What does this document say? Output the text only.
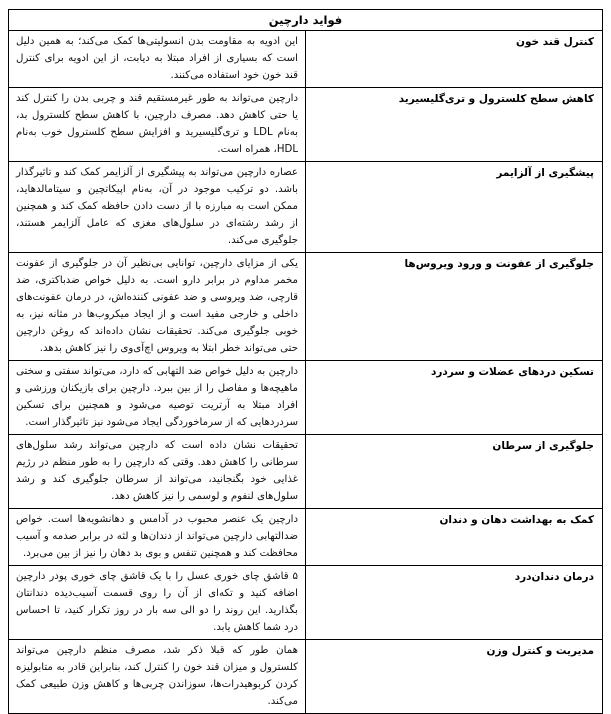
فواید دارچین	
کنترل قند خون	این ادویه به مقاومت بدن انسولیتی‌ها کمک می‌کند؛ به همین دلیل است که بسیاری از افراد مبتلا به دیابت، از این ادویه برای کنترل قند خون خود استفاده می‌کنند.
کاهش سطح کلسترول و تری‌گلیسیرید	دارچین می‌تواند به طور غیرمستقیم قند و چربی بدن را کنترل کند یا حتی کاهش دهد. مصرف دارچین، با کاهش سطح کلسترول بد، به‌نام LDL و تری‌گلیسیرید و افزایش سطح کلسترول خوب به‌نام HDL، همراه است.
پیشگیری از آلزایمر	عصاره دارچین می‌تواند به پیشگیری از آلزایمر کمک کند و تاثیرگذار باشد. دو ترکیب موجود در آن، به‌نام اپیکاتچین و سیتامالدهاید، ممکن است به مبارزه با از دست دادن حافظه کمک کند و همچنین از رشد رشته‌ای در سلول‌های مغزی که عامل آلزایمر هستند، جلوگیری می‌کند.
جلوگیری از عفونت و ورود ویروس‌ها	یکی از مزایای دارچین، توانایی بی‌نظیر آن در جلوگیری از عفونت مخمر مداوم در برابر دارو است. به دلیل خواص ضدباکتری، ضد قارچی، ضد ویروسی و ضد عفونی کننده‌اش، در درمان عفونت‌های داخلی و خارجی مفید است و از ایجاد میکروب‌ها در مثانه نیز، به خوبی جلوگیری می‌کند. تحقیقات نشان داده‌اند که روغن دارچین حتی می‌تواند خطر ابتلا به ویروس اچ‌آی‌وی را نیز کاهش بدهد.
تسکین دردهای عضلات و سردرد	دارچین به دلیل خواص ضد التهابی که دارد، می‌تواند سفتی و سختی ماهیچه‌ها و مفاصل را از بین ببرد. دارچین برای بازیکنان ورزشی و افراد مبتلا به آرتریت توصیه می‌شود و همچنین برای تسکین سردردهایی که از سرماخوردگی ایجاد می‌شود نیز تاثیرگذار است.
جلوگیری از سرطان	تحقیقات نشان داده است که دارچین می‌تواند رشد سلول‌های سرطانی را کاهش دهد. وقتی که دارچین را به طور منظم در رژیم غذایی خود بگنجانید، می‌تواند از سرطان جلوگیری کند و رشد سلول‌های لنفوم و لوسمی را نیز کاهش دهد.
کمک به بهداشت دهان و دندان	دارچین یک عنصر محبوب در آدامس و دهانشویه‌ها است. خواص ضدالتهابی دارچین می‌تواند از دندان‌ها و لثه در برابر صدمه و آسیب محافظت کند و همچنین تنفس و بوی بد دهان را نیز از بین می‌برد.
درمان دندان‌درد	۵ قاشق چای خوری عسل را با یک قاشق چای خوری پودر دارچین اضافه کنید و تکه‌ای از آن را روی قسمت آسیب‌دیده دندانتان بگذارید. این روند را دو الی سه بار در روز تکرار کنید، تا احساس درد شما کاهش یابد.
مدیریت و کنترل وزن	همان طور که قبلا ذکر شد، مصرف منظم دارچین می‌تواند کلسترول و میزان قند خون را کنترل کند، بنابراین قادر به متابولیزه کردن کربوهیدرات‌ها، سوزاندن چربی‌ها و کاهش وزن طبیعی کمک می‌کند.
